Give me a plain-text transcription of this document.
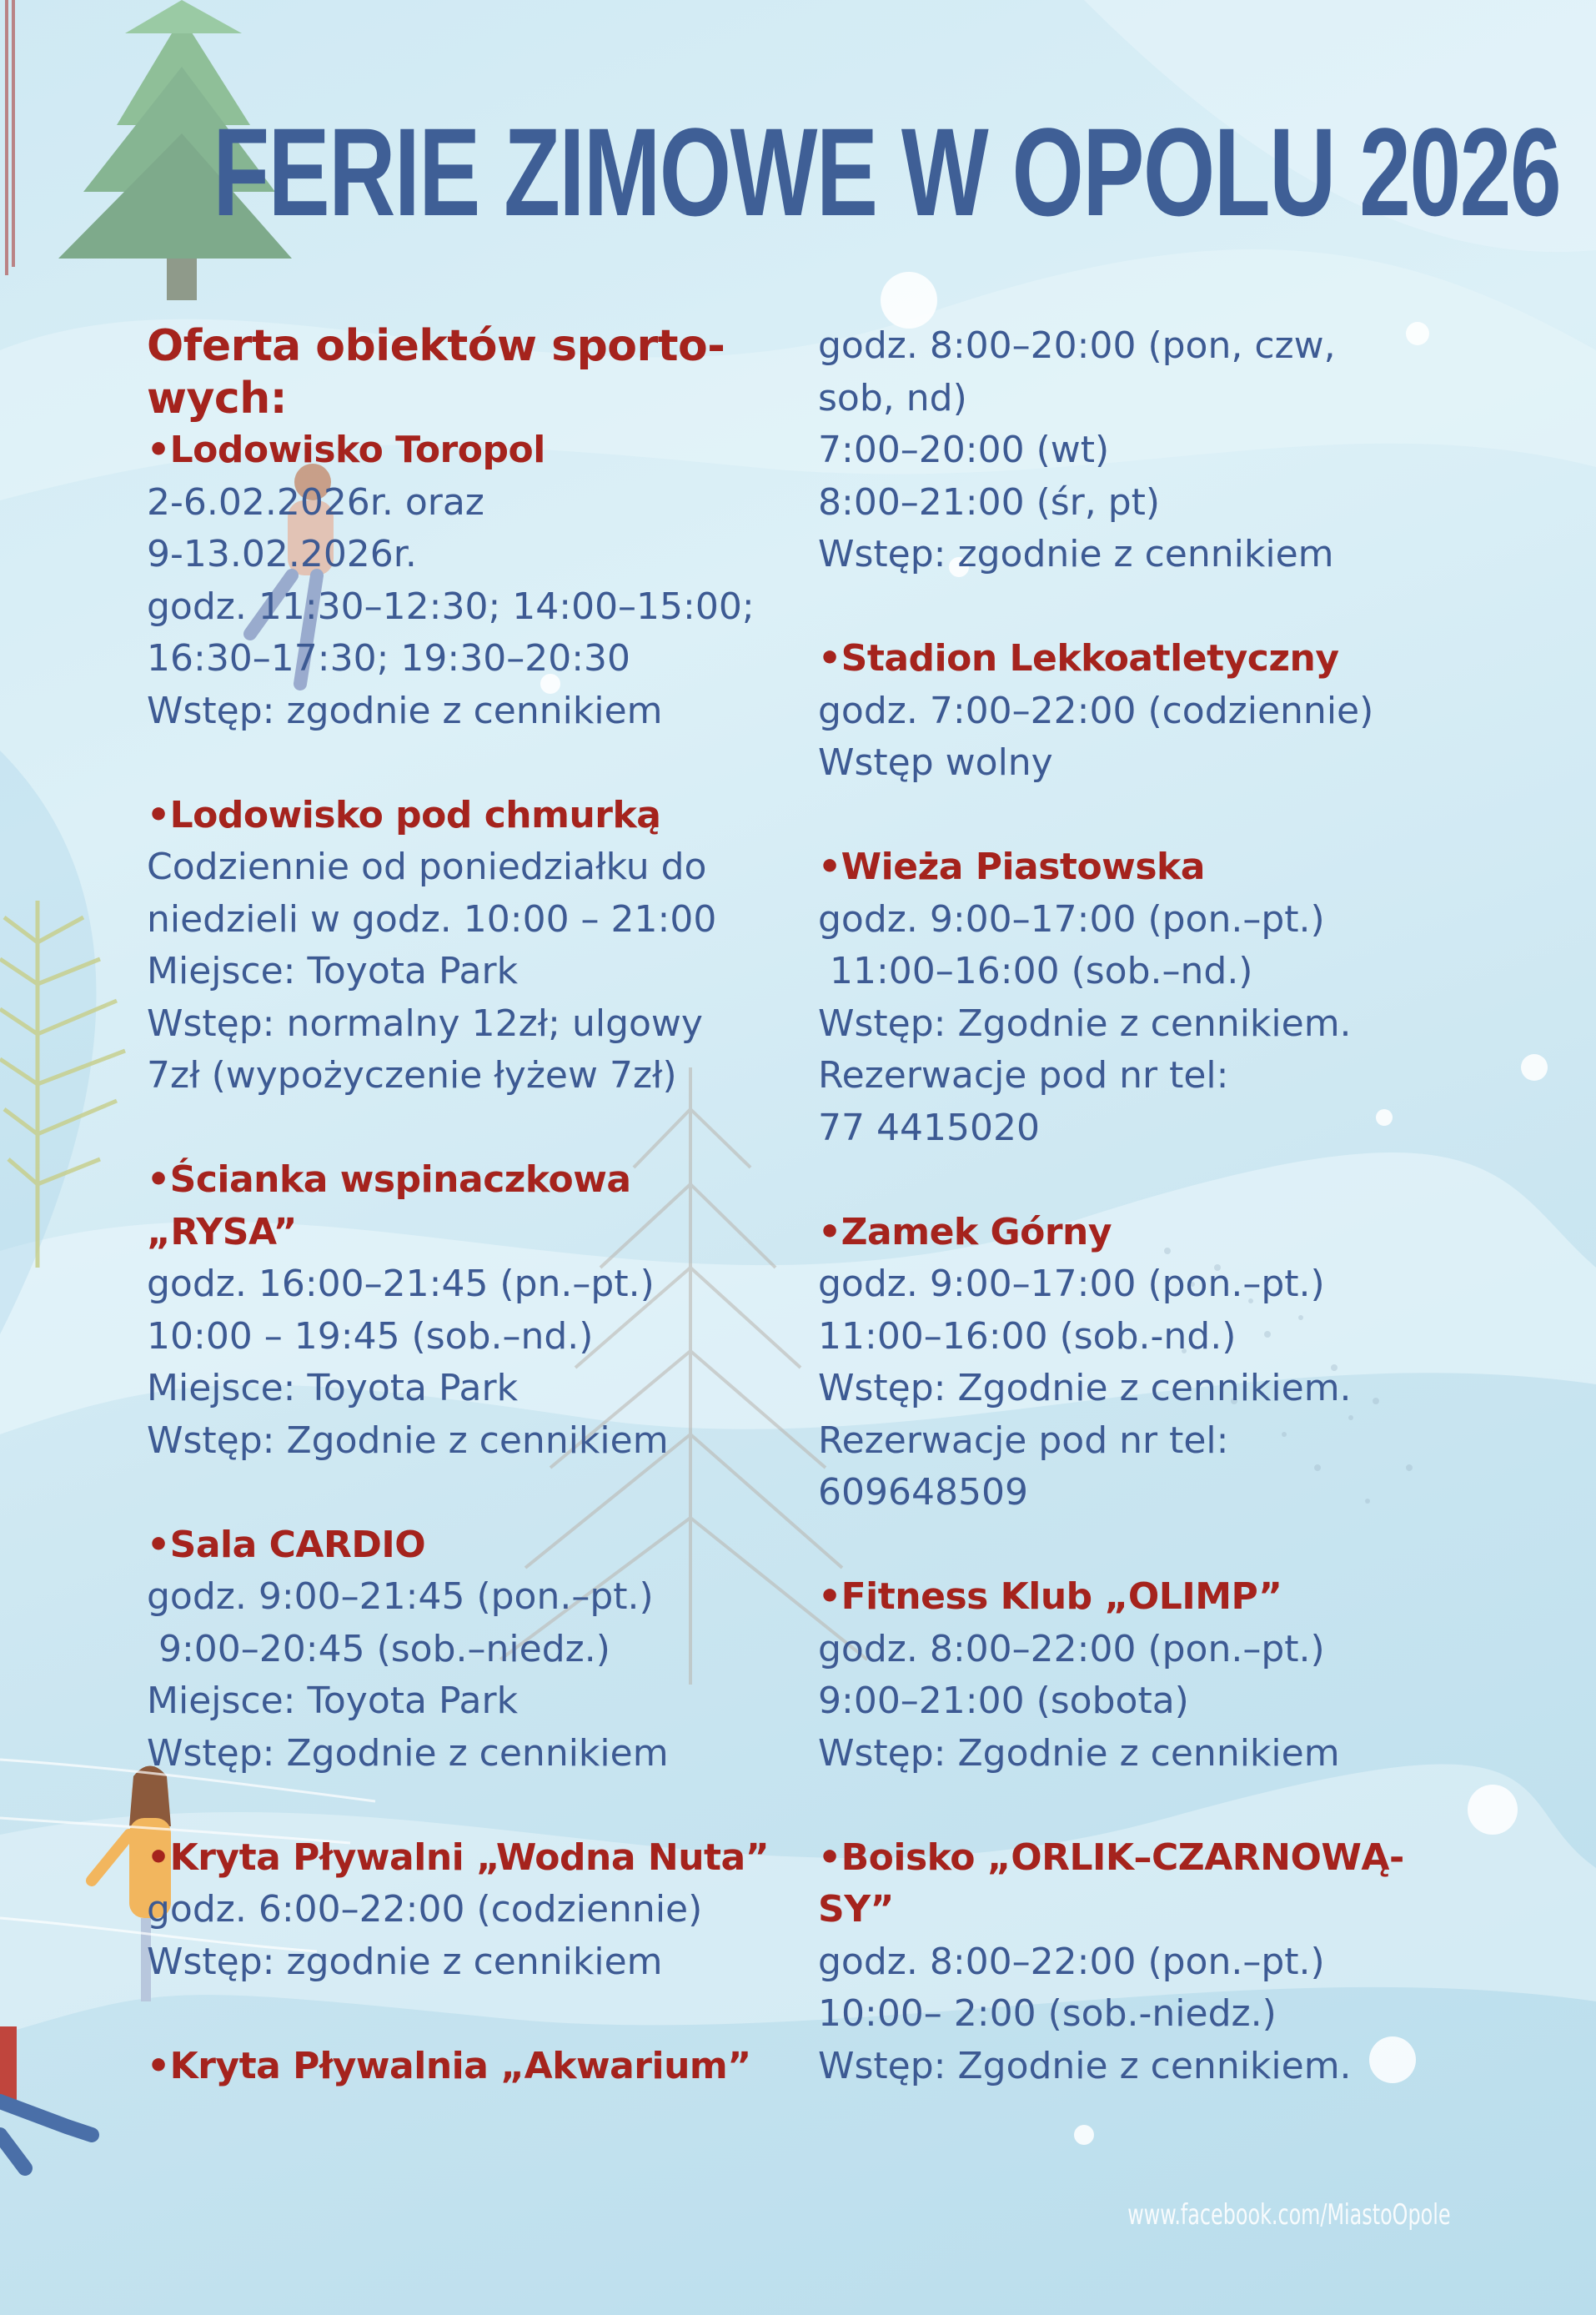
FERIE ZIMOWE W OPOLU 2026
Oferta obiektów sporto-
wych:
•Lodowisko Toropol
2-6.02.2026r. oraz
9-13.02.2026r.
godz. 11:30–12:30; 14:00–15:00;
16:30–17:30; 19:30–20:30
Wstęp: zgodnie z cennikiem
•Lodowisko pod chmurką
Codziennie od poniedziałku do
niedzieli w godz. 10:00 – 21:00
Miejsce: Toyota Park
Wstęp: normalny 12zł; ulgowy
7zł (wypożyczenie łyżew 7zł)
•Ścianka wspinaczkowa
„RYSA”
godz. 16:00–21:45 (pn.–pt.)
10:00 – 19:45 (sob.–nd.)
Miejsce: Toyota Park
Wstęp: Zgodnie z cennikiem
•Sala CARDIO
godz. 9:00–21:45 (pon.–pt.)
9:00–20:45 (sob.–niedz.)
Miejsce: Toyota Park
Wstęp: Zgodnie z cennikiem
•Kryta Pływalni „Wodna Nuta”
godz. 6:00–22:00 (codziennie)
Wstęp: zgodnie z cennikiem
•Kryta Pływalnia „Akwarium”
godz. 8:00–20:00 (pon, czw,
sob, nd)
7:00–20:00 (wt)
8:00–21:00 (śr, pt)
Wstęp: zgodnie z cennikiem
•Stadion Lekkoatletyczny
godz. 7:00–22:00 (codziennie)
Wstęp wolny
•Wieża Piastowska
godz. 9:00–17:00 (pon.–pt.)
11:00–16:00 (sob.–nd.)
Wstęp: Zgodnie z cennikiem.
Rezerwacje pod nr tel:
77 4415020
•Zamek Górny
godz. 9:00–17:00 (pon.–pt.)
11:00–16:00 (sob.-nd.)
Wstęp: Zgodnie z cennikiem.
Rezerwacje pod nr tel:
609648509
•Fitness Klub „OLIMP”
godz. 8:00–22:00 (pon.–pt.)
9:00–21:00 (sobota)
Wstęp: Zgodnie z cennikiem
•Boisko „ORLIK–CZARNOWĄ-
SY”
godz. 8:00–22:00 (pon.–pt.)
10:00– 2:00 (sob.-niedz.)
Wstęp: Zgodnie z cennikiem.
www.facebook.com/MiastoOpole
